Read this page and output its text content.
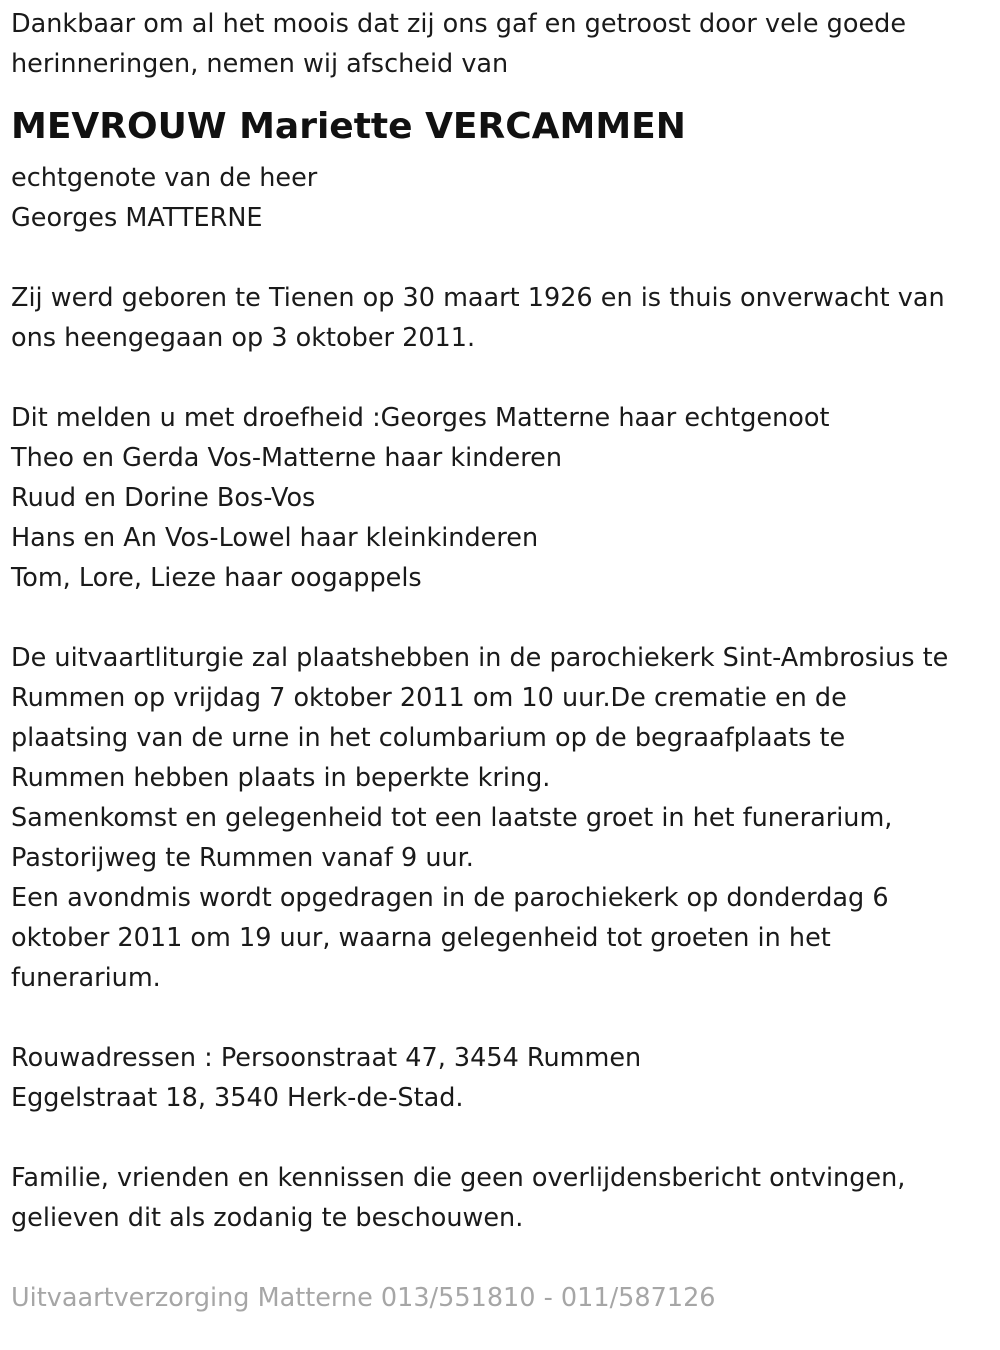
Dankbaar om al het moois dat zij ons gaf en getroost door vele goede
herinneringen, nemen wij afscheid van
MEVROUW Mariette VERCAMMEN
echtgenote van de heer
Georges MATTERNE
Zij werd geboren te Tienen op 30 maart 1926 en is thuis onverwacht van
ons heengegaan op 3 oktober 2011.
Dit melden u met droefheid :Georges Matterne haar echtgenoot
Theo en Gerda Vos-Matterne haar kinderen
Ruud en Dorine Bos-Vos
Hans en An Vos-Lowel haar kleinkinderen
Tom, Lore, Lieze haar oogappels
De uitvaartliturgie zal plaatshebben in de parochiekerk Sint-Ambrosius te
Rummen op vrijdag 7 oktober 2011 om 10 uur.De crematie en de
plaatsing van de urne in het columbarium op de begraafplaats te
Rummen hebben plaats in beperkte kring.
Samenkomst en gelegenheid tot een laatste groet in het funerarium,
Pastorijweg te Rummen vanaf 9 uur.
Een avondmis wordt opgedragen in de parochiekerk op donderdag 6
oktober 2011 om 19 uur, waarna gelegenheid tot groeten in het
funerarium.
Rouwadressen : Persoonstraat 47, 3454 Rummen
Eggelstraat 18, 3540 Herk-de-Stad.
Familie, vrienden en kennissen die geen overlijdensbericht ontvingen,
gelieven dit als zodanig te beschouwen.
Uitvaartverzorging Matterne 013/551810 - 011/587126
